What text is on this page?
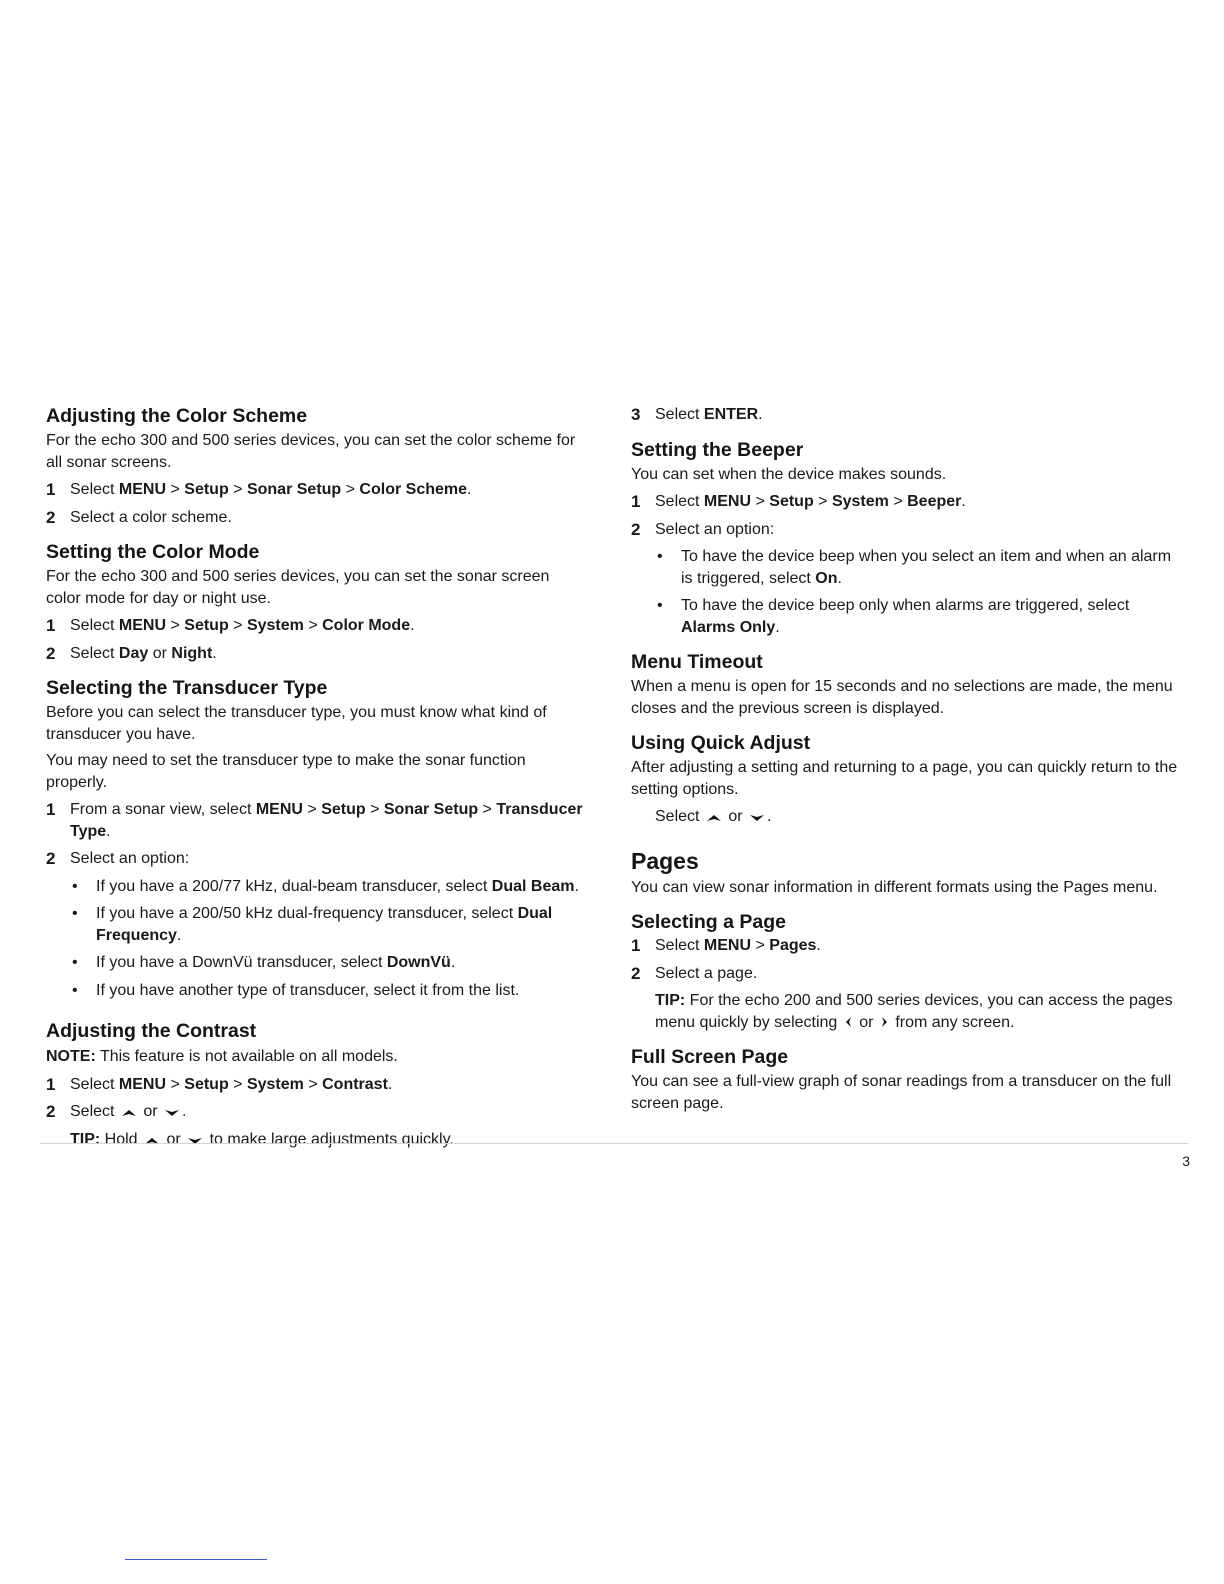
Adjusting the Color Scheme

For the echo 300 and 500 series devices, you can set the color scheme for all sonar screens.

1 Select MENU > Setup > Sonar Setup > Color Scheme.

2 Select a color scheme.

Setting the Color Mode

For the echo 300 and 500 series devices, you can set the sonar screen color mode for day or night use.

1 Select MENU > Setup > System > Color Mode.

2 Select Day or Night.

Selecting the Transducer Type

Before you can select the transducer type, you must know what kind of transducer you have.

You may need to set the transducer type to make the sonar function properly.

1 From a sonar view, select MENU > Setup > Sonar Setup > Transducer Type.

2 Select an option:

• If you have a 200/77 kHz, dual-beam transducer, select Dual Beam.

• If you have a 200/50 kHz dual-frequency transducer, select Dual Frequency.

• If you have a DownVü transducer, select DownVü.

• If you have another type of transducer, select it from the list.

Adjusting the Contrast

NOTE: This feature is not available on all models.

1 Select MENU > Setup > System > Contrast.

2 Select
or
.

TIP: Hold
or
to make large adjustments quickly.

3 Select ENTER.

Setting the Beeper

You can set when the device makes sounds.

1 Select MENU > Setup > System > Beeper.

2 Select an option:

• To have the device beep when you select an item and when an alarm is triggered, select On.

• To have the device beep only when alarms are triggered, select Alarms Only.

Menu Timeout

When a menu is open for 15 seconds and no selections are made, the menu closes and the previous screen is displayed.

Using Quick Adjust

After adjusting a setting and returning to a page, you can quickly return to the setting options.

Select
or
.

Pages

You can view sonar information in different formats using the Pages menu.

Selecting a Page

1 Select MENU > Pages.

2 Select a page.

TIP: For the echo 200 and 500 series devices, you can access the pages menu quickly by selecting
or
from any screen.

Full Screen Page

You can see a full-view graph of sonar readings from a transducer on the full screen page.

3
